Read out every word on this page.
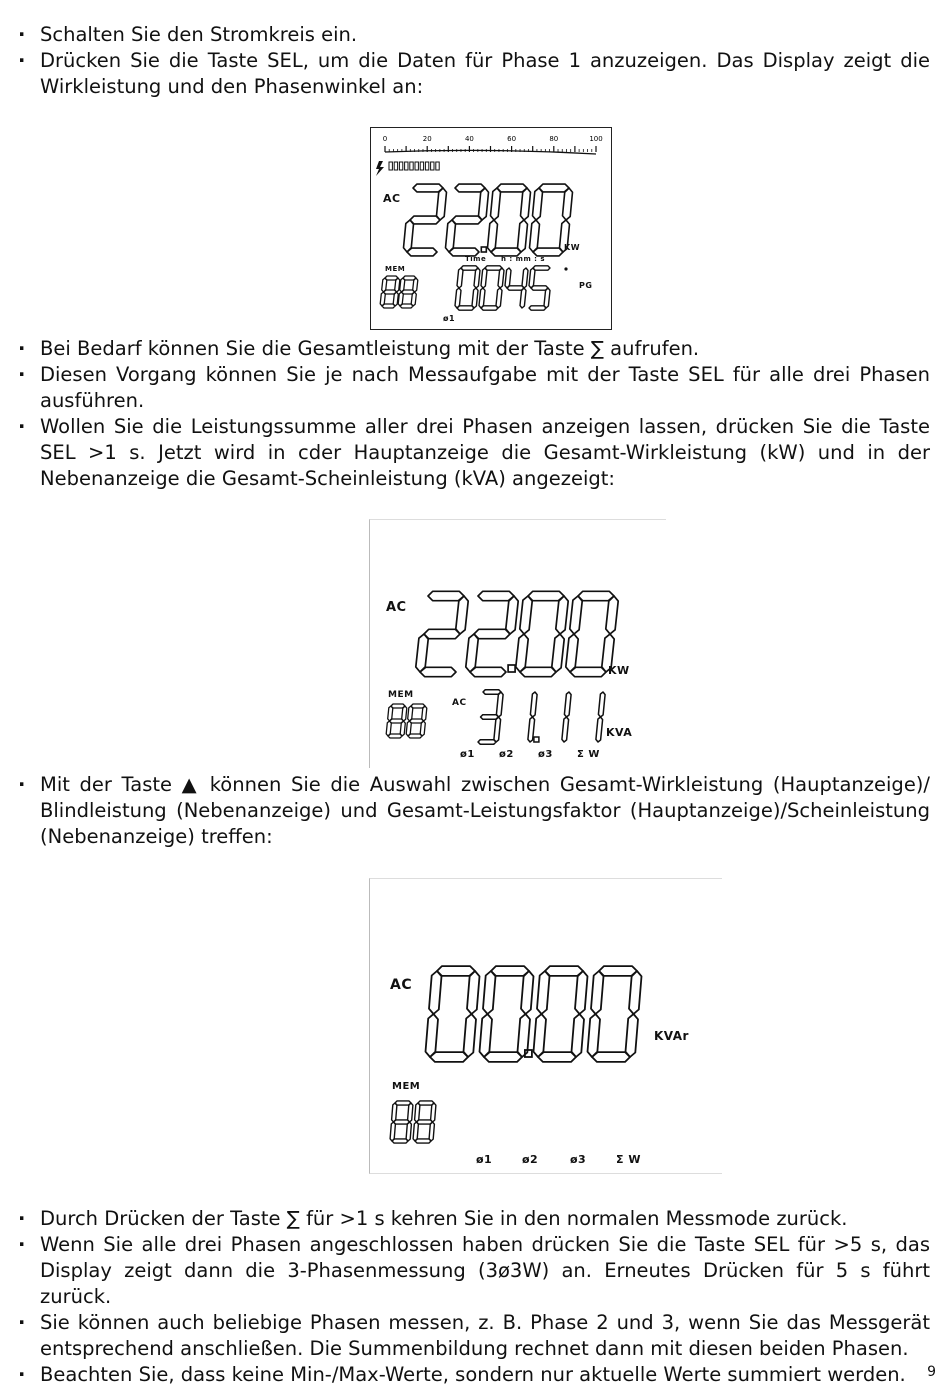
· Schalten Sie den Stromkreis ein.
· Drücken Sie die Taste SEL, um die Daten für Phase 1 anzuzeigen. Das Display zeigt die Wirkleistung und den Phasenwinkel an:
0	20	40	60	80	100
AC
KW
Time h : mm : s
MEM
PG
ø1
· Bei Bedarf können Sie die Gesamtleistung mit der Taste ∑ aufrufen.
· Diesen Vorgang können Sie je nach Messaufgabe mit der Taste SEL für alle drei Phasen ausführen.
· Wollen Sie die Leistungssumme aller drei Phasen anzeigen lassen, drücken Sie die Taste SEL >1 s. Jetzt wird in cder Hauptanzeige die Gesamt-Wirkleistung (kW) und in der Nebenanzeige die Gesamt-Scheinleistung (kVA) angezeigt:
AC
KW
MEM
AC
KVA
ø1 ø2 ø3 Σ W
· Mit der Taste ▲ können Sie die Auswahl zwischen Gesamt-Wirkleistung (Hauptanzeige)/ Blindleistung (Nebenanzeige) und Gesamt-Leistungsfaktor (Hauptanzeige)/Scheinleistung (Nebenanzeige) treffen:
AC
KVAr
MEM
ø1	ø2	ø3	Σ W
· Durch Drücken der Taste ∑ für >1 s kehren Sie in den normalen Messmode zurück.
· Wenn Sie alle drei Phasen angeschlossen haben drücken Sie die Taste SEL für >5 s, das Display zeigt dann die 3-Phasenmessung (3ø3W) an. Erneutes Drücken für 5 s führt zurück.
· Sie können auch beliebige Phasen messen, z. B. Phase 2 und 3, wenn Sie das Messgerät entsprechend anschließen. Die Summenbildung rechnet dann mit diesen beiden Phasen.
· Beachten Sie, dass keine Min-/Max-Werte, sondern nur aktuelle Werte summiert werden.	9
